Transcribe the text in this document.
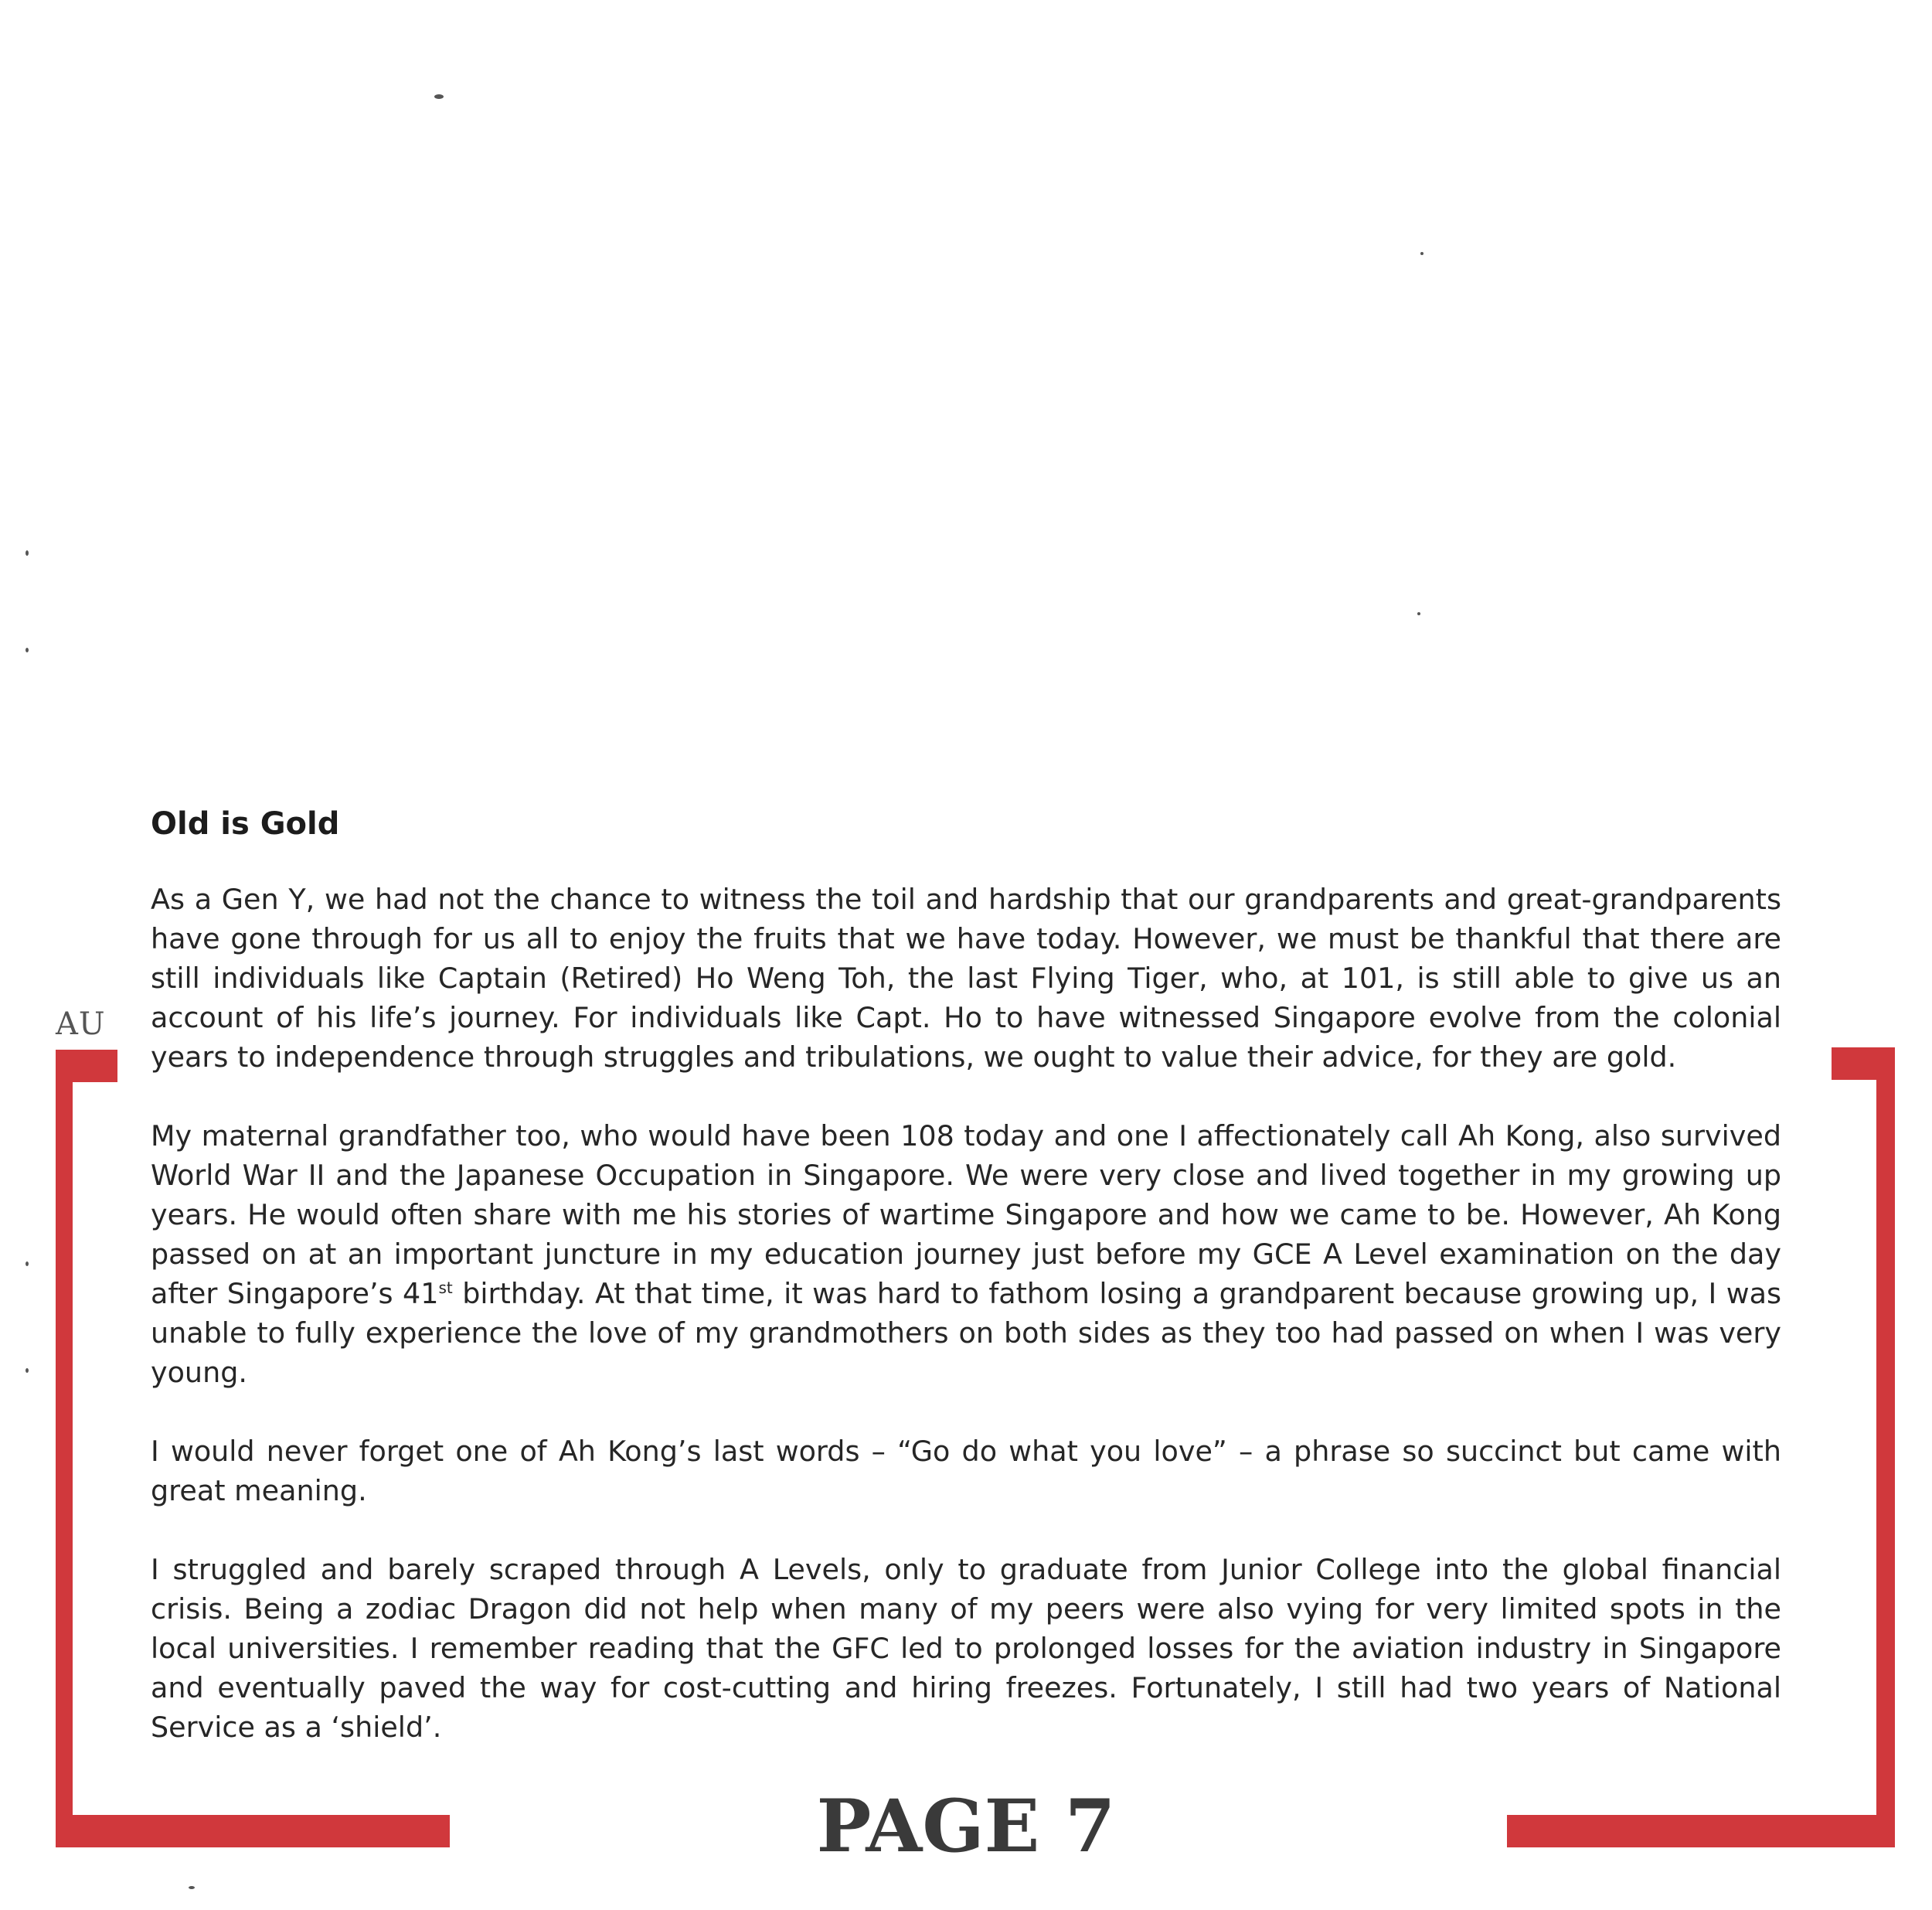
AU
Old is Gold

As a Gen Y, we had not the chance to witness the toil and hardship that our grandparents and great-grandparents have gone through for us all to enjoy the fruits that we have today. However, we must be thankful that there are still individuals like Captain (Retired) Ho Weng Toh, the last Flying Tiger, who, at 101, is still able to give us an account of his life’s journey. For individuals like Capt. Ho to have witnessed Singapore evolve from the colonial years to independence through struggles and tribulations, we ought to value their advice, for they are gold.

My maternal grandfather too, who would have been 108 today and one I affectionately call Ah Kong, also survived World War II and the Japanese Occupation in Singapore. We were very close and lived together in my growing up years. He would often share with me his stories of wartime Singapore and how we came to be. However, Ah Kong passed on at an important juncture in my education journey just before my GCE A Level examination on the day after Singapore’s 41st birthday. At that time, it was hard to fathom losing a grandparent because growing up, I was unable to fully experience the love of my grandmothers on both sides as they too had passed on when I was very young.

I would never forget one of Ah Kong’s last words – “Go do what you love” – a phrase so succinct but came with great meaning.

I struggled and barely scraped through A Levels, only to graduate from Junior College into the global financial crisis. Being a zodiac Dragon did not help when many of my peers were also vying for very limited spots in the local universities. I remember reading that the GFC led to prolonged losses for the aviation industry in Singapore and eventually paved the way for cost-cutting and hiring freezes. Fortunately, I still had two years of National Service as a ‘shield’.

PAGE 7
